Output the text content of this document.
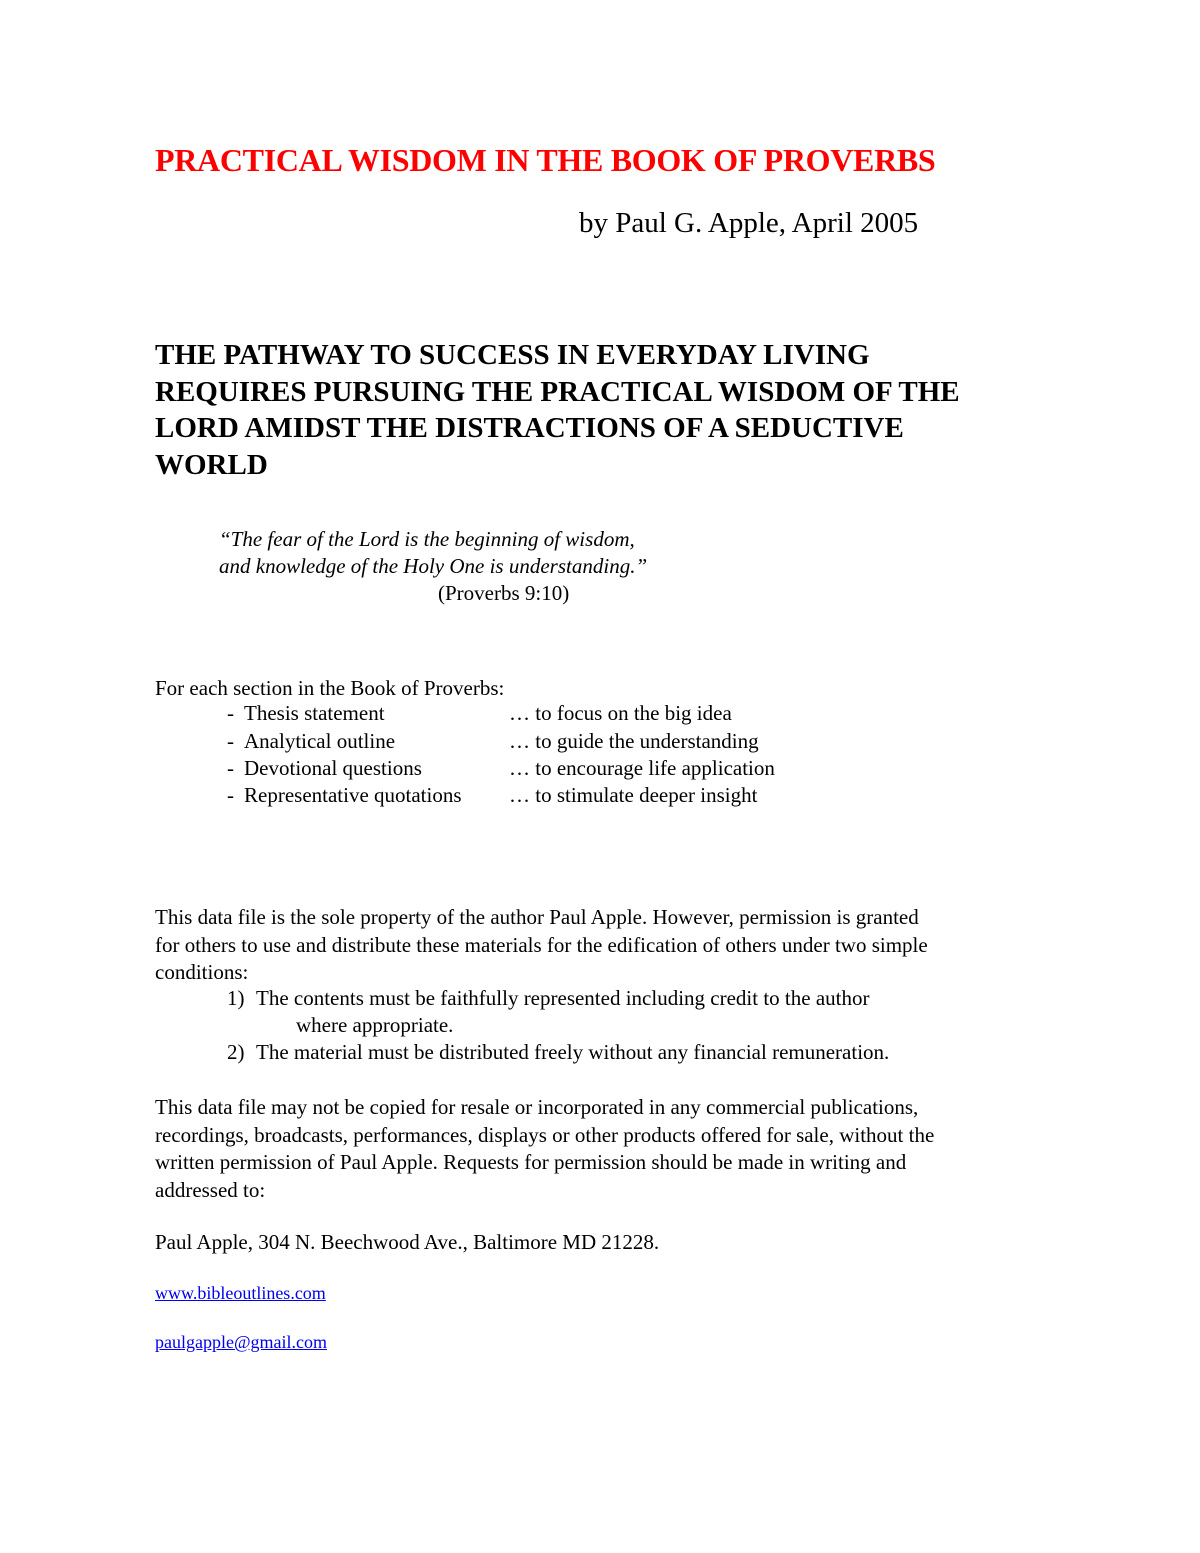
PRACTICAL WISDOM IN THE BOOK OF PROVERBS
by Paul G. Apple, April 2005
THE PATHWAY TO SUCCESS IN EVERYDAY LIVING
REQUIRES PURSUING THE PRACTICAL WISDOM OF THE
LORD AMIDST THE DISTRACTIONS OF A SEDUCTIVE
WORLD
“The fear of the Lord is the beginning of wisdom,
and knowledge of the Holy One is understanding.”
(Proverbs 9:10)
For each section in the Book of Proverbs:
- Thesis statement	… to focus on the big idea
- Analytical outline	… to guide the understanding
- Devotional questions	… to encourage life application
- Representative quotations … to stimulate deeper insight
This data file is the sole property of the author Paul Apple. However, permission is granted
for others to use and distribute these materials for the edification of others under two simple
conditions:
1) The contents must be faithfully represented including credit to the author
where appropriate.
2) The material must be distributed freely without any financial remuneration.
This data file may not be copied for resale or incorporated in any commercial publications,
recordings, broadcasts, performances, displays or other products offered for sale, without the
written permission of Paul Apple. Requests for permission should be made in writing and
addressed to:
Paul Apple, 304 N. Beechwood Ave., Baltimore MD 21228.
www.bibleoutlines.com
paulgapple@gmail.com
